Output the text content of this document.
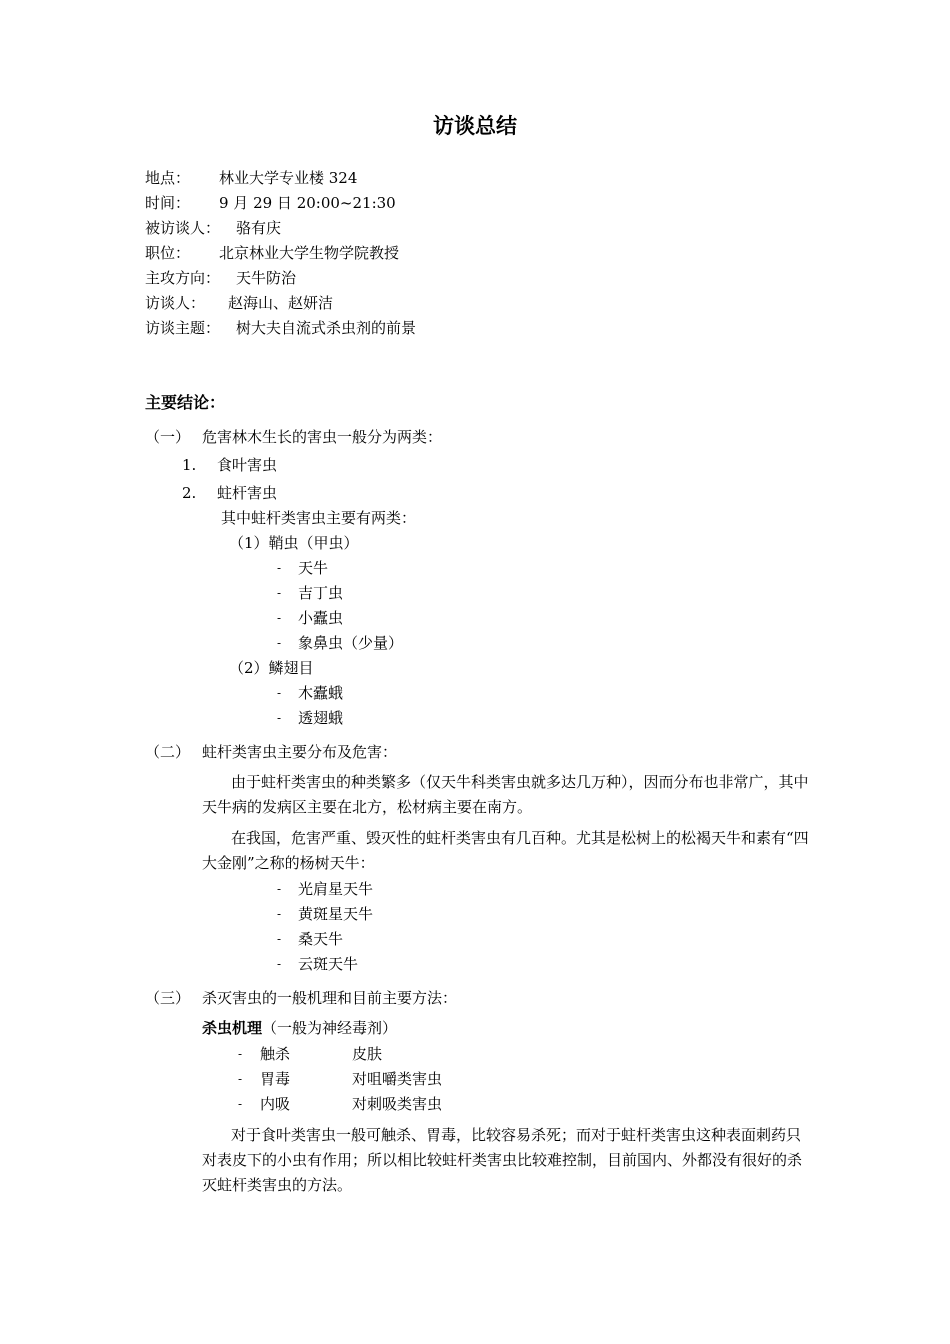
访谈总结
地点： 林业大学专业楼 324
时间： 9 月 29 日 20:00~21:30
被访谈人： 骆有庆
职位： 北京林业大学生物学院教授
主攻方向： 天牛防治
访谈人： 赵海山、赵妍洁
访谈主题： 树大夫自流式杀虫剂的前景
主要结论：
（一） 危害林木生长的害虫一般分为两类：
1. 食叶害虫
2. 蛀杆害虫
其中蛀杆类害虫主要有两类：
（1）鞘虫（甲虫）
- 天牛
- 吉丁虫
- 小蠹虫
- 象鼻虫（少量）
（2）鳞翅目
- 木蠹蛾
- 透翅蛾
（二） 蛀杆类害虫主要分布及危害：
由于蛀杆类害虫的种类繁多（仅天牛科类害虫就多达几万种），因而分布也非常广，其中天牛病的发病区主要在北方，松材病主要在南方。
在我国，危害严重、毁灭性的蛀杆类害虫有几百种。尤其是松树上的松褐天牛和素有“四大金刚”之称的杨树天牛：
- 光肩星天牛
- 黄斑星天牛
- 桑天牛
- 云斑天牛
（三） 杀灭害虫的一般机理和目前主要方法：
杀虫机理（一般为神经毒剂）
- 触杀	皮肤
- 胃毒	对咀嚼类害虫
- 内吸	对刺吸类害虫
对于食叶类害虫一般可触杀、胃毒，比较容易杀死；而对于蛀杆类害虫这种表面刺药只对表皮下的小虫有作用；所以相比较蛀杆类害虫比较难控制，目前国内、外都没有很好的杀灭蛀杆类害虫的方法。
